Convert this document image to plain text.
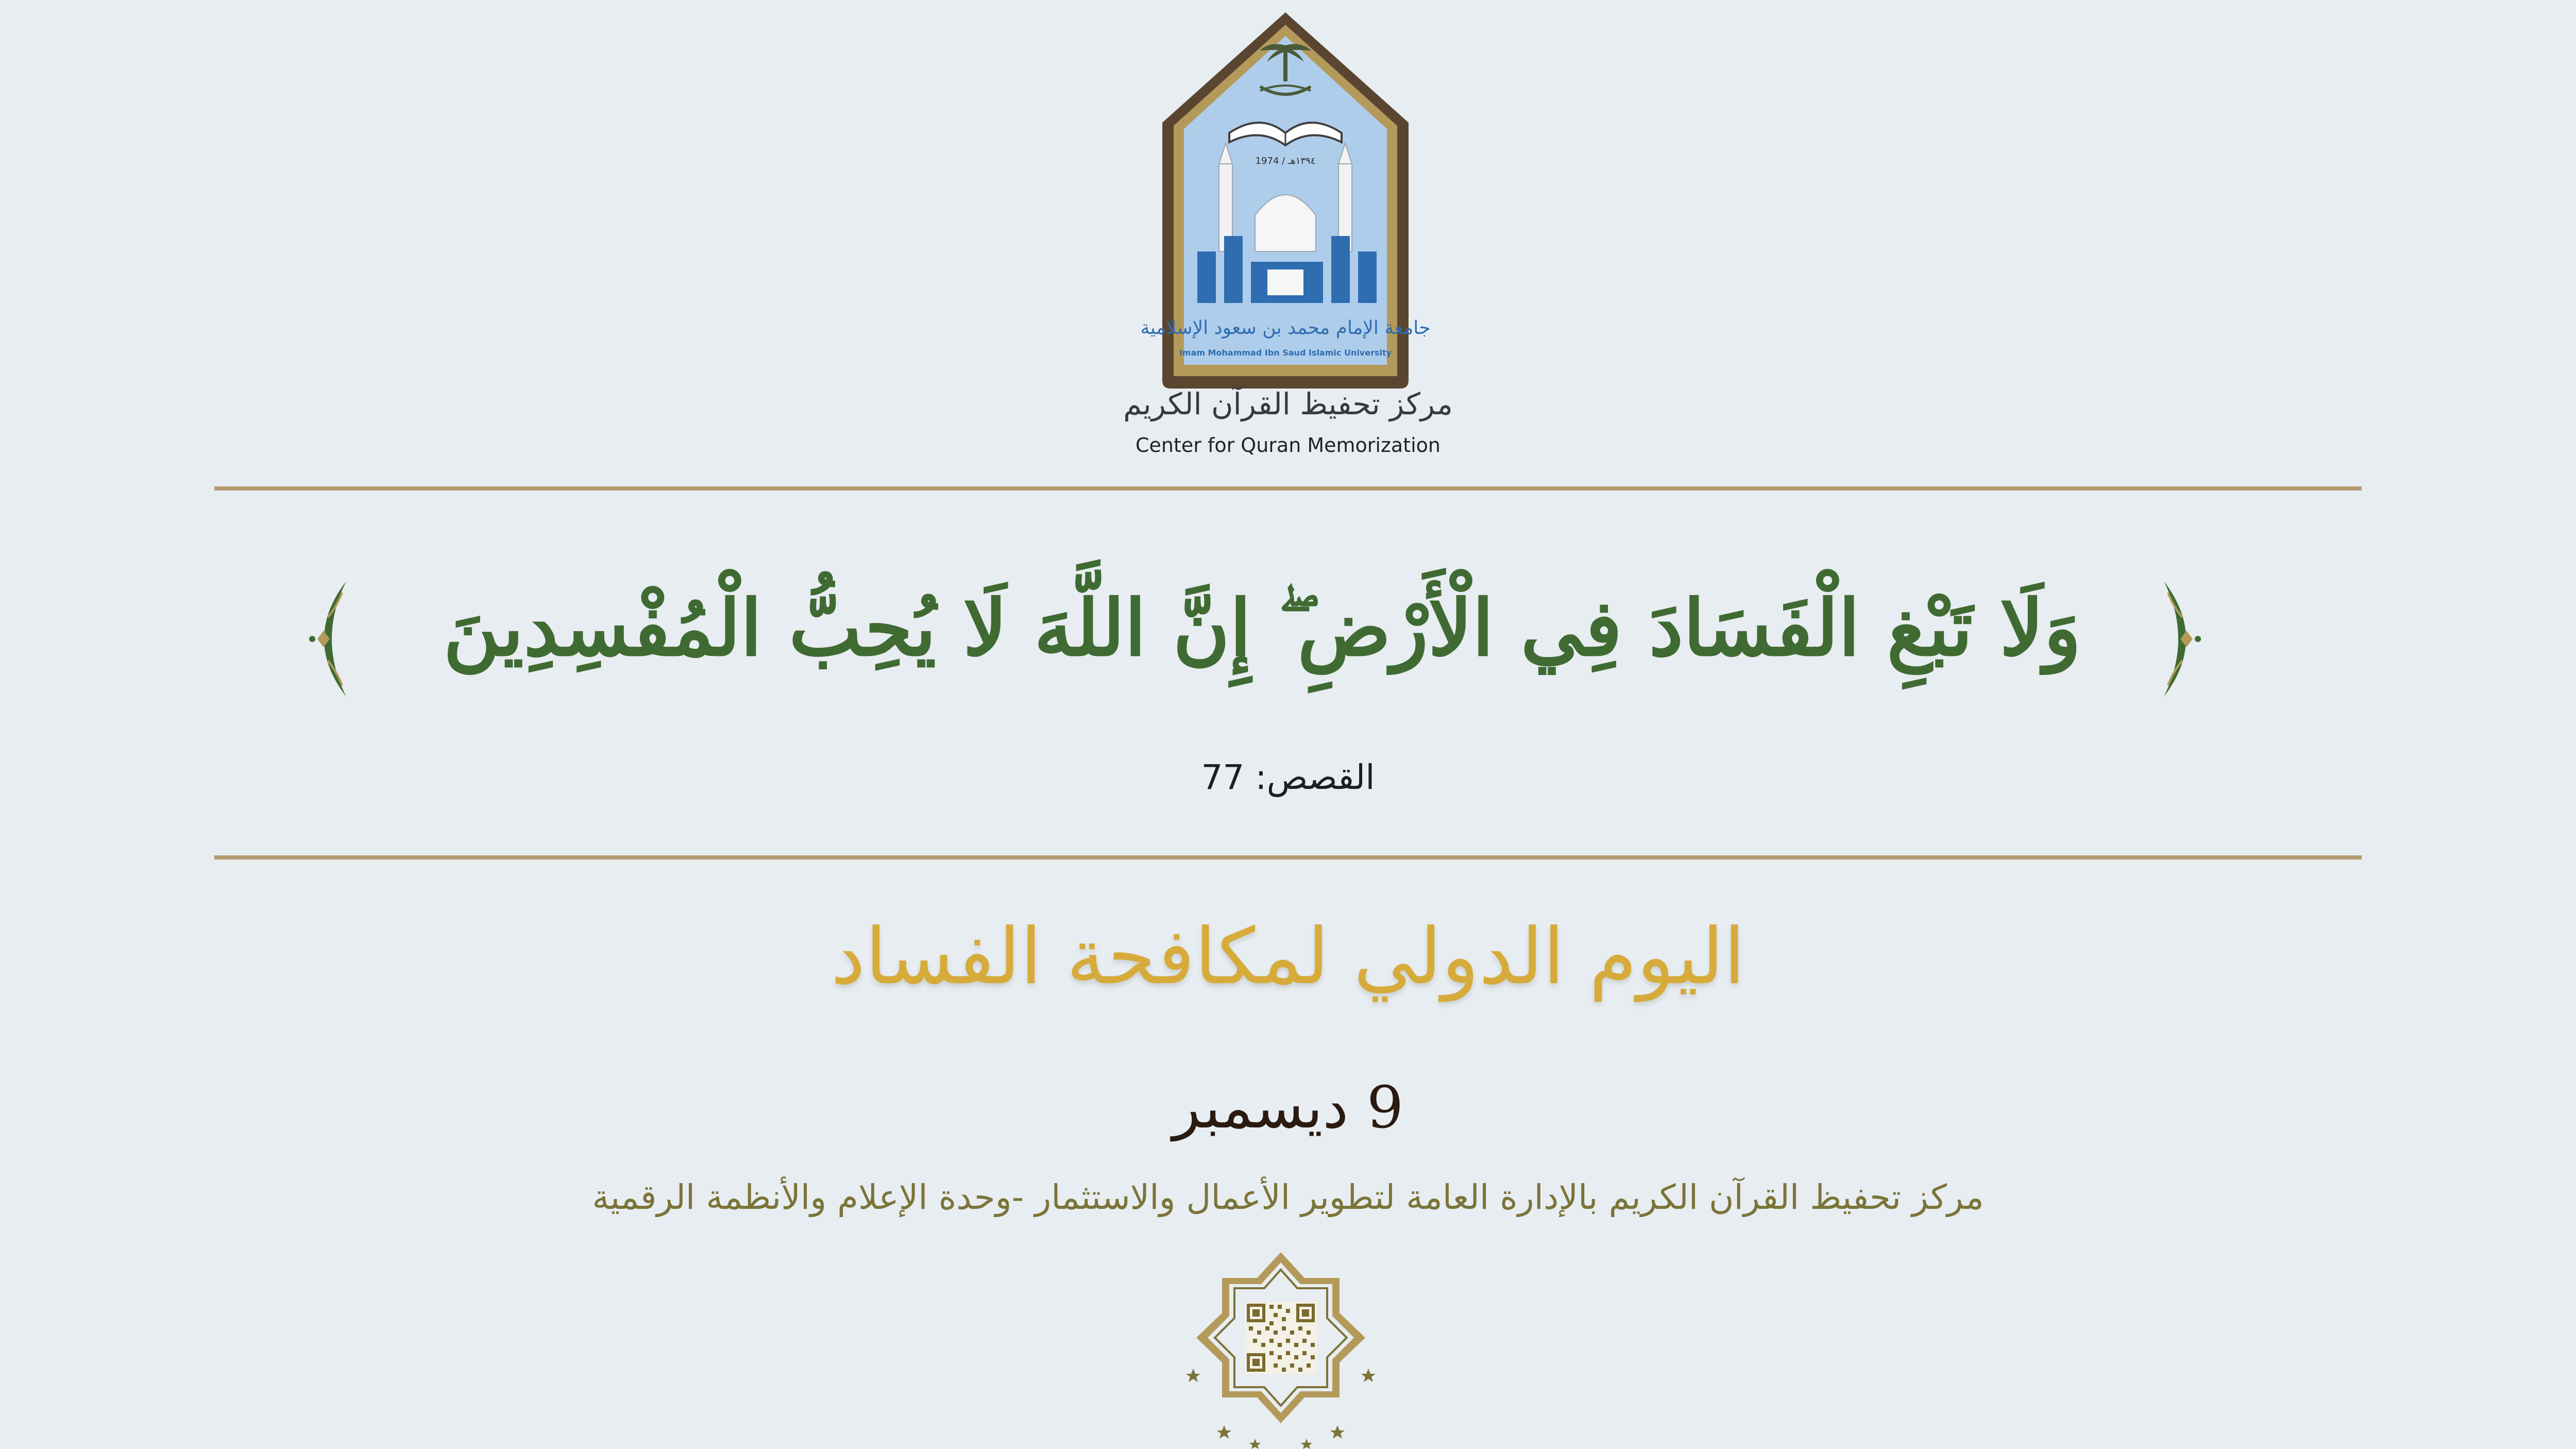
١٣٩٤هـ / 1974
جامعة الإمام محمد بن سعود الإسلامية
Imam Mohammad Ibn Saud Islamic University
مركز تحفيظ القرآن الكريم
Center for Quran Memorization
وَلَا تَبْغِ الْفَسَادَ فِي الْأَرْضِ ۖ إِنَّ اللَّهَ لَا يُحِبُّ الْمُفْسِدِينَ
القصص: 77
اليوم الدولي لمكافحة الفساد
9 ديسمبر
مركز تحفيظ القرآن الكريم بالإدارة العامة لتطوير الأعمال والاستثمار -وحدة الإعلام والأنظمة الرقمية
